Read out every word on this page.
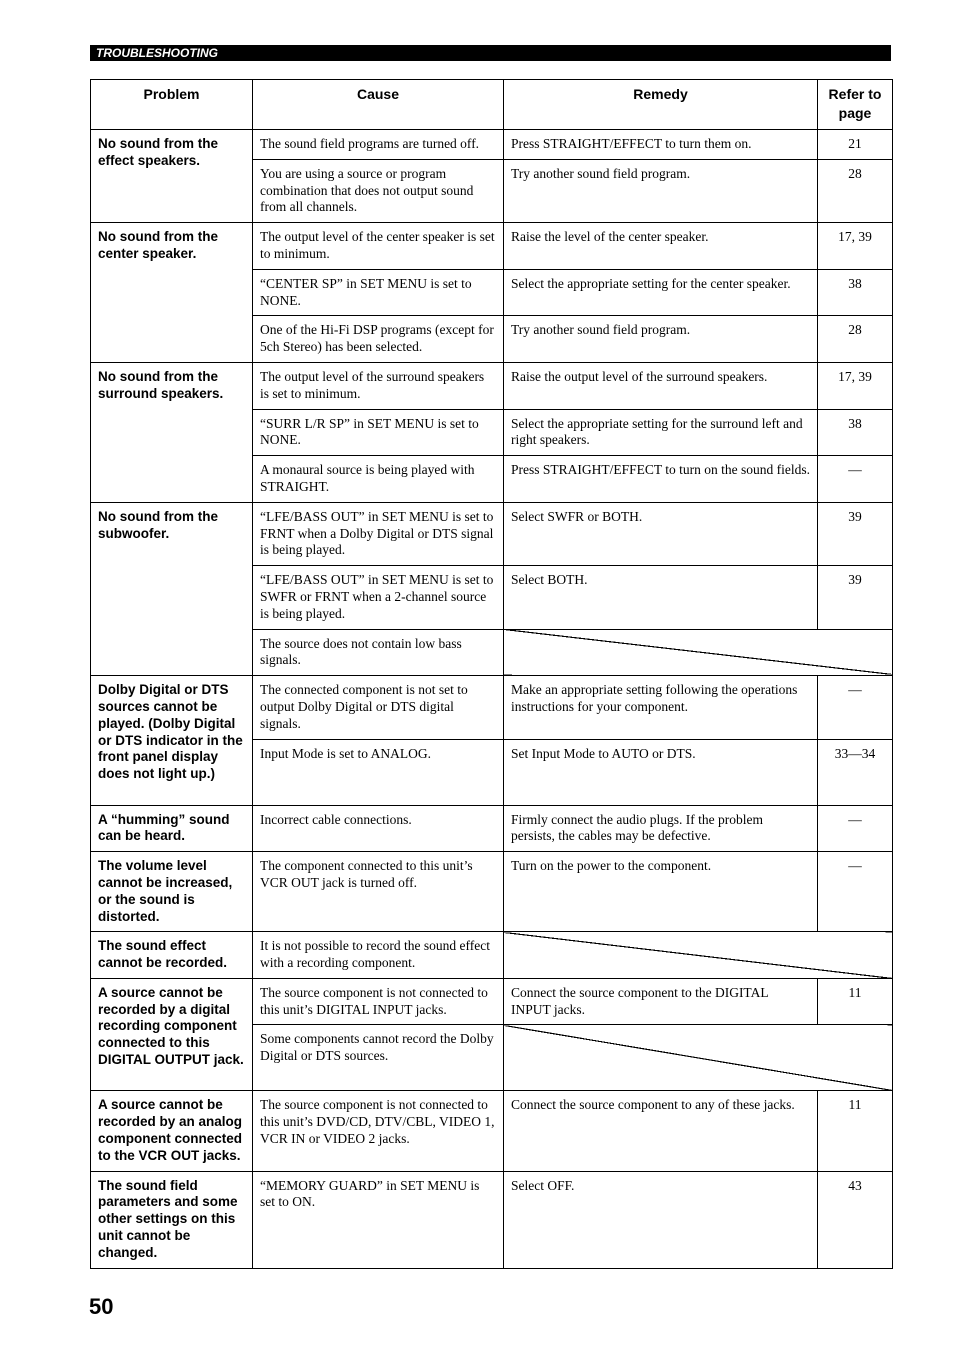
TROUBLESHOOTING
Problem	Cause	Remedy	Refer to page
No sound from the effect speakers.	The sound field programs are turned off.	Press STRAIGHT/EFFECT to turn them on.	21
	You are using a source or program combination that does not output sound from all channels.	Try another sound field program.	28
No sound from the center speaker.	The output level of the center speaker is set to minimum.	Raise the level of the center speaker.	17, 39
	“CENTER SP” in SET MENU is set to NONE.	Select the appropriate setting for the center speaker.	38
	One of the Hi-Fi DSP programs (except for 5ch Stereo) has been selected.	Try another sound field program.	28
No sound from the surround speakers.	The output level of the surround speakers is set to minimum.	Raise the output level of the surround speakers.	17, 39
	“SURR L/R SP” in SET MENU is set to NONE.	Select the appropriate setting for the surround left and right speakers.	38
	A monaural source is being played with STRAIGHT.	Press STRAIGHT/EFFECT to turn on the sound fields.	—
No sound from the subwoofer.	“LFE/BASS OUT” in SET MENU is set to FRNT when a Dolby Digital or DTS signal is being played.	Select SWFR or BOTH.	39
	“LFE/BASS OUT” in SET MENU is set to SWFR or FRNT when a 2-channel source is being played.	Select BOTH.	39
	The source does not contain low bass signals.		
Dolby Digital or DTS sources cannot be played. (Dolby Digital or DTS indicator in the front panel display does not light up.)	The connected component is not set to output Dolby Digital or DTS digital signals.	Make an appropriate setting following the operations instructions for your component.	—
	Input Mode is set to ANALOG.	Set Input Mode to AUTO or DTS.	33—34
A “humming” sound can be heard.	Incorrect cable connections.	Firmly connect the audio plugs. If the problem persists, the cables may be defective.	—
The volume level cannot be increased, or the sound is distorted.	The component connected to this unit’s VCR OUT jack is turned off.	Turn on the power to the component.	—
The sound effect cannot be recorded.	It is not possible to record the sound effect with a recording component.		
A source cannot be recorded by a digital recording component connected to this DIGITAL OUTPUT jack.	The source component is not connected to this unit’s DIGITAL INPUT jacks.	Connect the source component to the DIGITAL INPUT jacks.	11
	Some components cannot record the Dolby Digital or DTS sources.		
A source cannot be recorded by an analog component connected to the VCR OUT jacks.	The source component is not connected to this unit’s DVD/CD, DTV/CBL, VIDEO 1, VCR IN or VIDEO 2 jacks.	Connect the source component to any of these jacks.	11
The sound field parameters and some other settings on this unit cannot be changed.	“MEMORY GUARD” in SET MENU is set to ON.	Select OFF.	43
50
